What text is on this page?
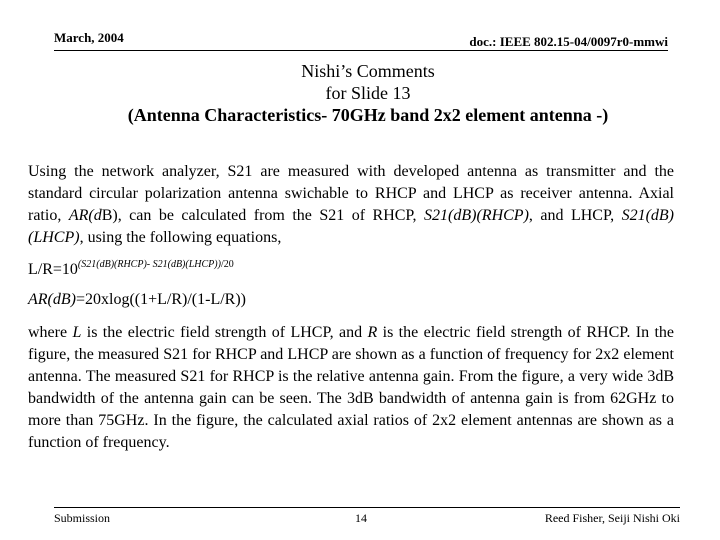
March, 2004	doc.: IEEE 802.15-04/0097r0-mmwi
Nishi’s Comments
for Slide 13
(Antenna Characteristics- 70GHz band 2x2 element antenna -)
Using the network analyzer, S21 are measured with developed antenna as transmitter and the standard circular polarization antenna swichable to RHCP and LHCP as receiver antenna. Axial ratio, AR(dB), can be calculated from the S21 of RHCP, S21(dB)(RHCP), and LHCP, S21(dB)(LHCP), using the following equations,
$L/R=10^{(S21(dB)(RHCP)- S21(dB)(LHCP))/20}$
AR(dB)=20xlog((1+L/R)/(1-L/R))
where L is the electric field strength of LHCP, and R is the electric field strength of RHCP. In the figure, the measured S21 for RHCP and LHCP are shown as a function of frequency for 2x2 element antenna. The measured S21 for RHCP is the relative antenna gain. From the figure, a very wide 3dB bandwidth of the antenna gain can be seen. The 3dB bandwidth of antenna gain is from 62GHz to more than 75GHz. In the figure, the calculated axial ratios of 2x2 element antennas are shown as a function of frequency.
Submission	14	Reed Fisher, Seiji Nishi Oki
